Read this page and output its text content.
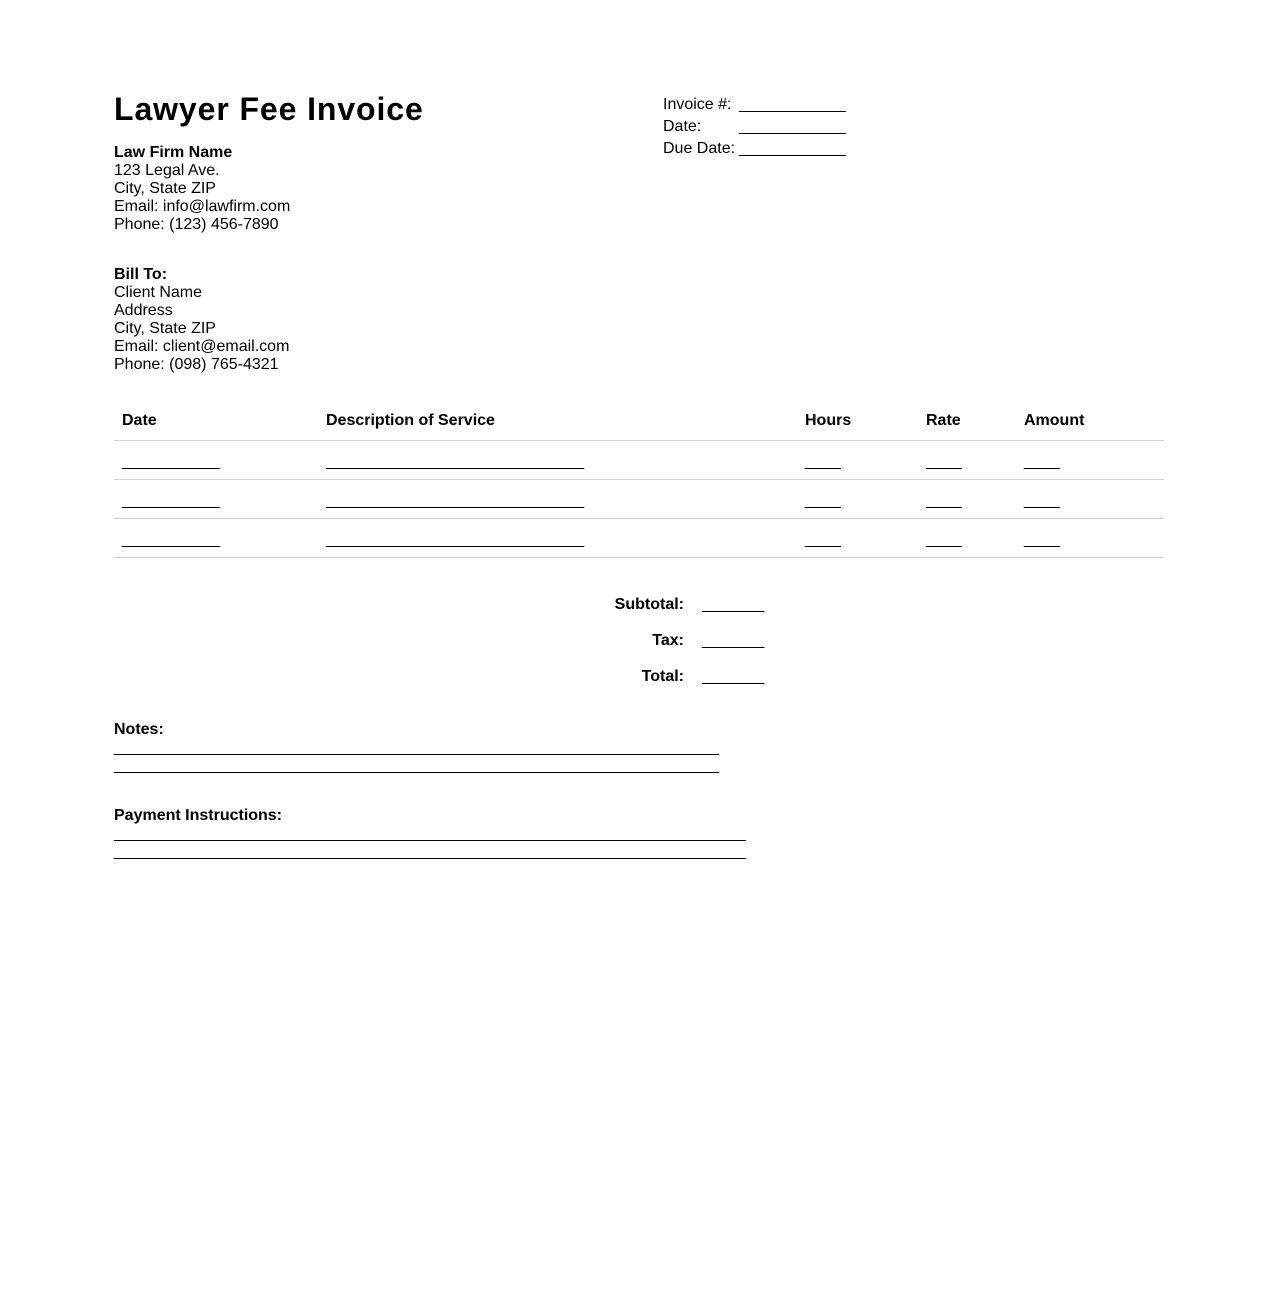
Lawyer Fee Invoice	Invoice #: ____________
Date:	____________
Due Date: ____________
Law Firm Name
123 Legal Ave.
City, State ZIP
Email: info@lawfirm.com
Phone: (123) 456-7890
Bill To:
Client Name
Address
City, State ZIP
Email: client@email.com
Phone: (098) 765-4321
Date	Description of Service	Hours	Rate	Amount
___________	_____________________________	____	____	____
___________	_____________________________	____	____	____
___________	_____________________________	____	____	____
Subtotal: _______
Tax: _______
Total: _______
Notes:
____________________________________________________________________
____________________________________________________________________
Payment Instructions:
_______________________________________________________________________
_______________________________________________________________________
